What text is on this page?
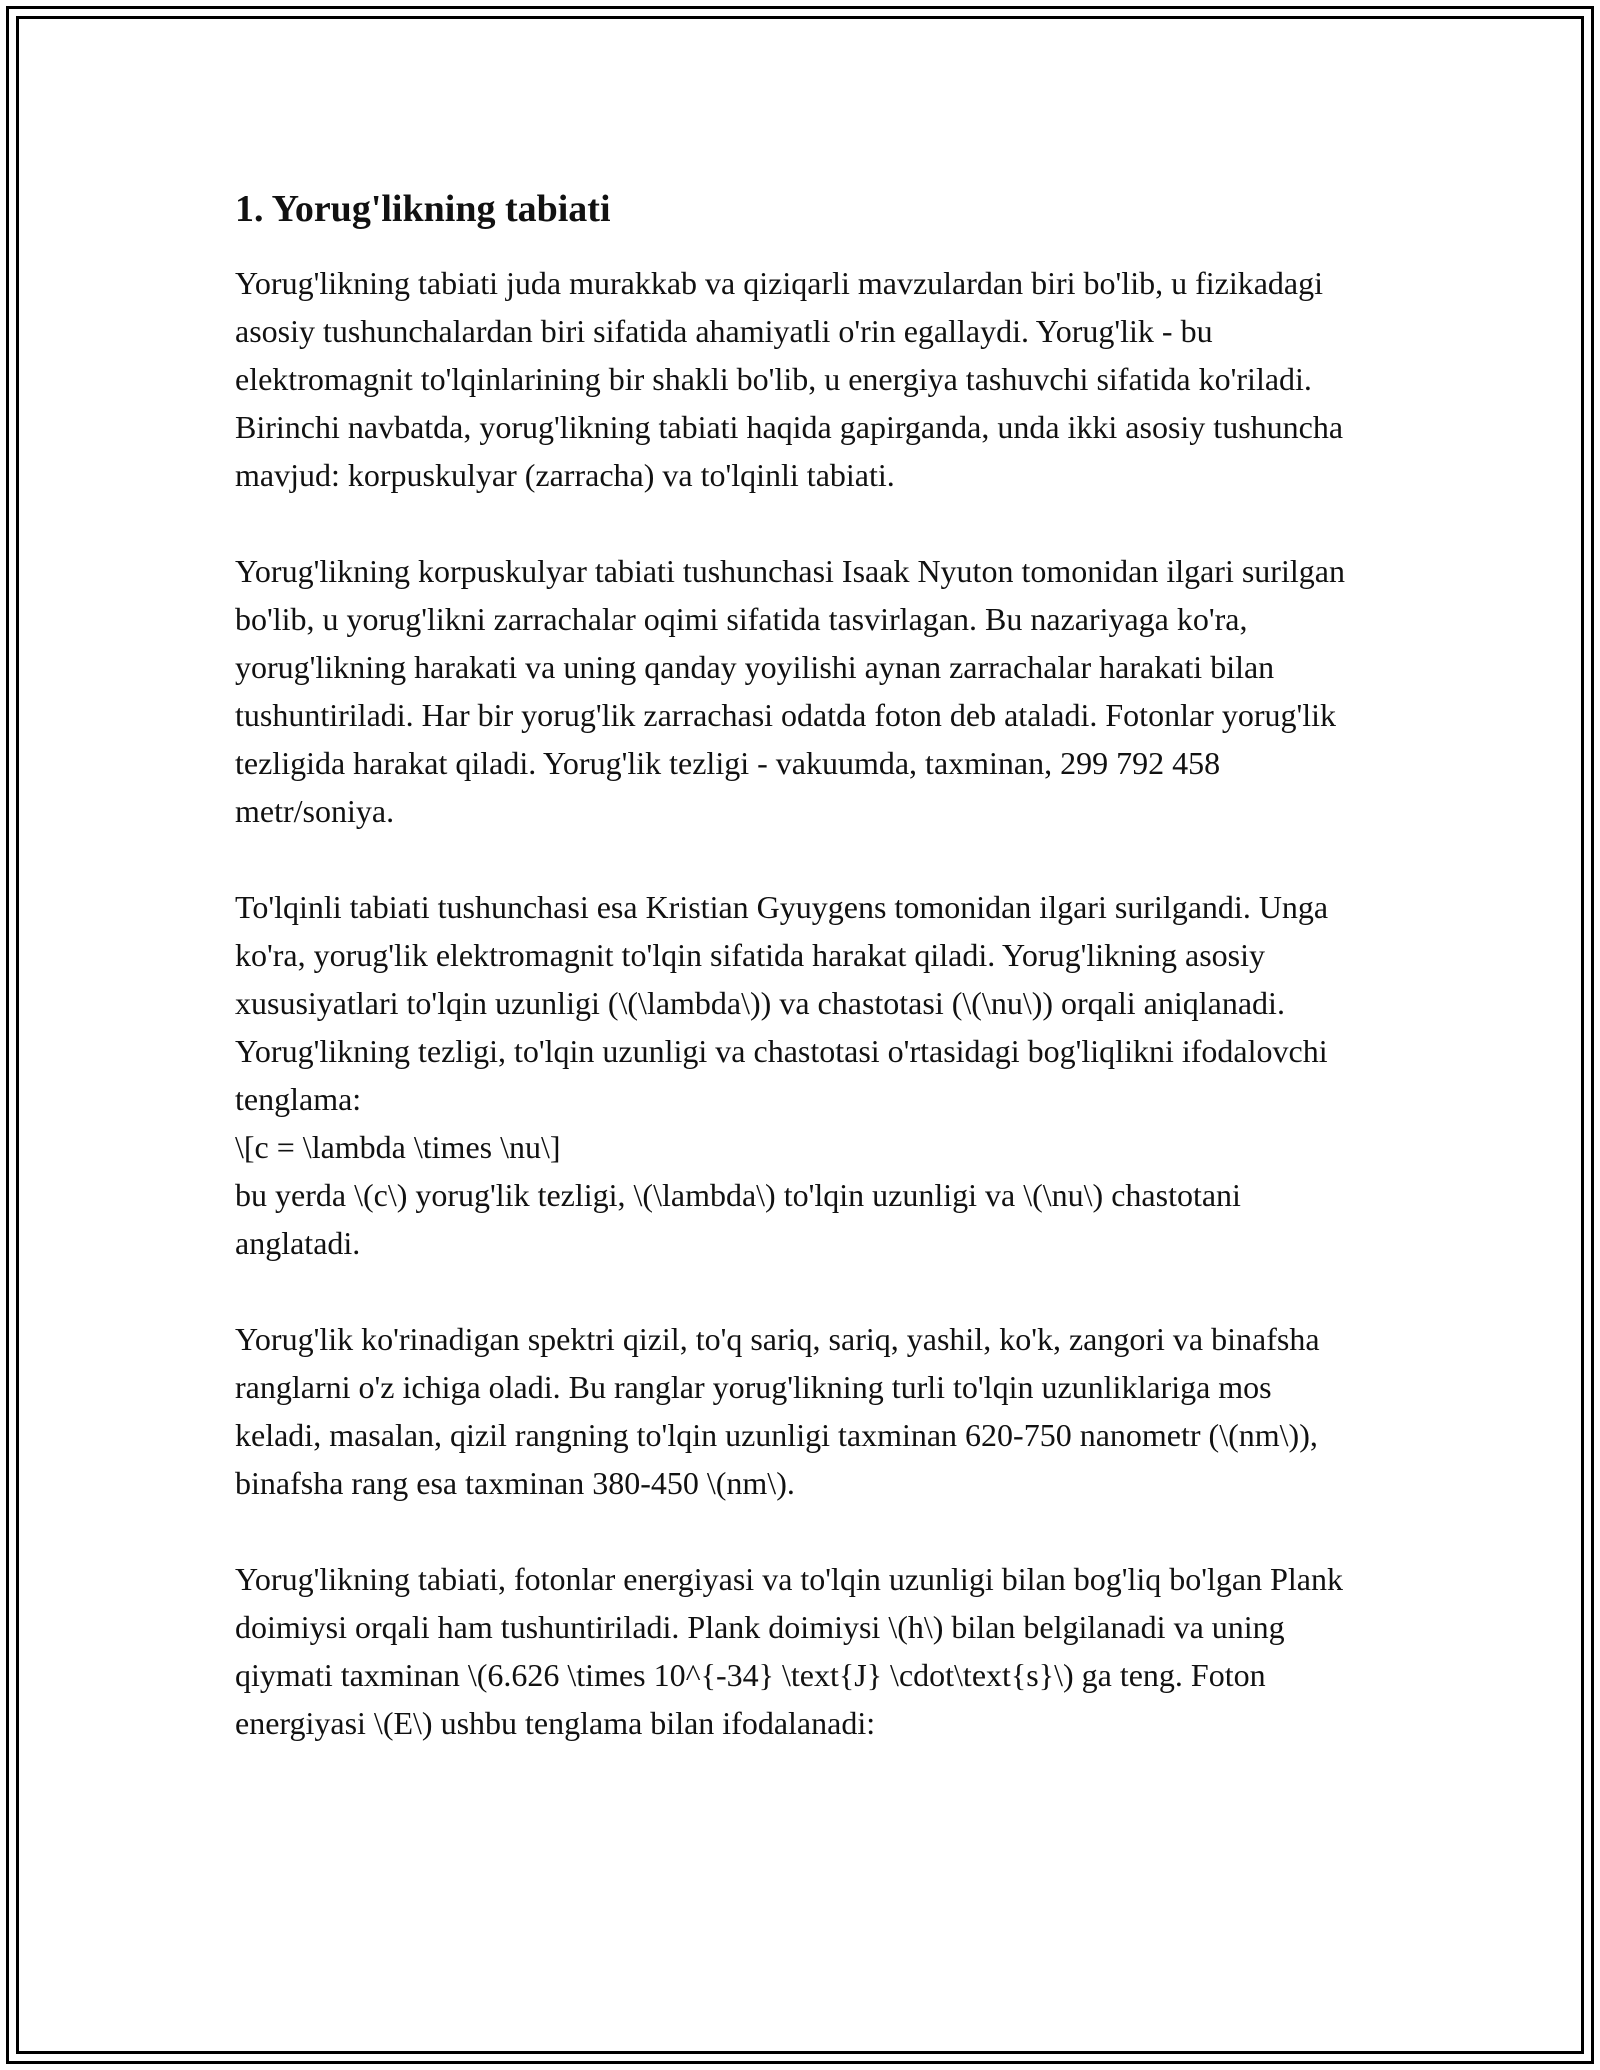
1. Yorug'likning tabiati

Yorug'likning tabiati juda murakkab va qiziqarli mavzulardan biri bo'lib, u fizikadagi asosiy tushunchalardan biri sifatida ahamiyatli o'rin egallaydi. Yorug'lik - bu elektromagnit to'lqinlarining bir shakli bo'lib, u energiya tashuvchi sifatida ko'riladi. Birinchi navbatda, yorug'likning tabiati haqida gapirganda, unda ikki asosiy tushuncha mavjud: korpuskulyar (zarracha) va to'lqinli tabiati.

Yorug'likning korpuskulyar tabiati tushunchasi Isaak Nyuton tomonidan ilgari surilgan bo'lib, u yorug'likni zarrachalar oqimi sifatida tasvirlagan. Bu nazariyaga ko'ra, yorug'likning harakati va uning qanday yoyilishi aynan zarrachalar harakati bilan tushuntiriladi. Har bir yorug'lik zarrachasi odatda foton deb ataladi. Fotonlar yorug'lik tezligida harakat qiladi. Yorug'lik tezligi - vakuumda, taxminan, 299 792 458 metr/soniya.

To'lqinli tabiati tushunchasi esa Kristian Gyuygens tomonidan ilgari surilgandi. Unga ko'ra, yorug'lik elektromagnit to'lqin sifatida harakat qiladi. Yorug'likning asosiy xususiyatlari to'lqin uzunligi (\(\lambda\)) va chastotasi (\(\nu\)) orqali aniqlanadi. Yorug'likning tezligi, to'lqin uzunligi va chastotasi o'rtasidagi bog'liqlikni ifodalovchi tenglama:
\[c = \lambda \times \nu\]
bu yerda \(c\) yorug'lik tezligi, \(\lambda\) to'lqin uzunligi va \(\nu\) chastotani anglatadi.

Yorug'lik ko'rinadigan spektri qizil, to'q sariq, sariq, yashil, ko'k, zangori va binafsha ranglarni o'z ichiga oladi. Bu ranglar yorug'likning turli to'lqin uzunliklariga mos keladi, masalan, qizil rangning to'lqin uzunligi taxminan 620-750 nanometr (\(nm\)), binafsha rang esa taxminan 380-450 \(nm\).

Yorug'likning tabiati, fotonlar energiyasi va to'lqin uzunligi bilan bog'liq bo'lgan Plank doimiysi orqali ham tushuntiriladi. Plank doimiysi \(h\) bilan belgilanadi va uning qiymati taxminan \(6.626 \times 10^{-34} \text{J} \cdot\text{s}\) ga teng. Foton energiyasi \(E\) ushbu tenglama bilan ifodalanadi:
